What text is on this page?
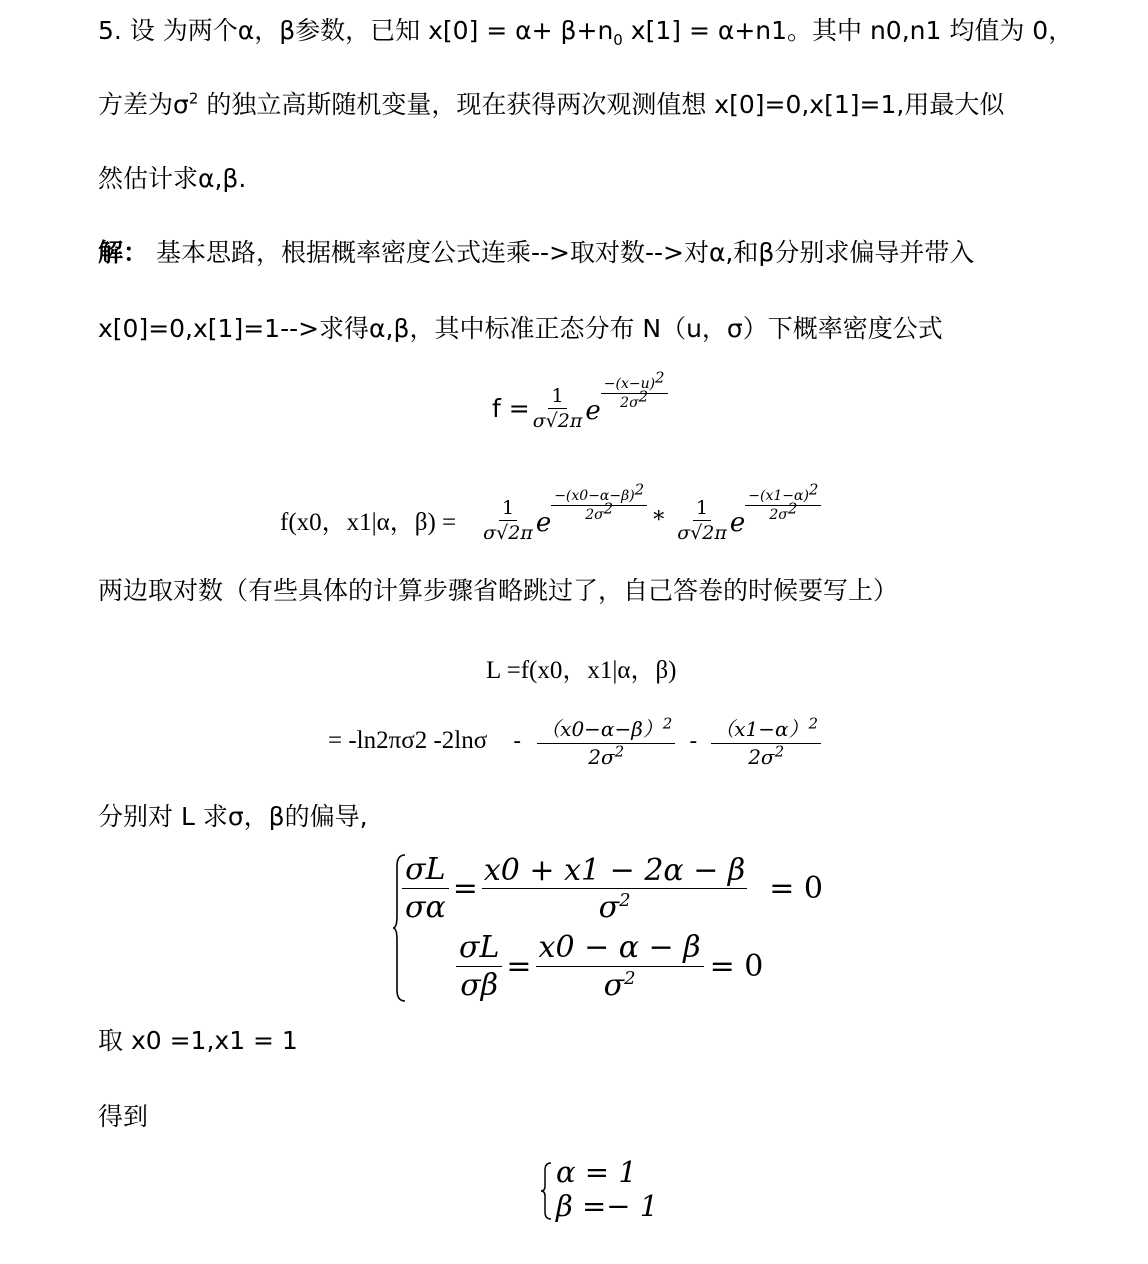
5. 设 为两个α，β参数，已知 $x[0] = \alpha+ \beta+n_0$ x[1] = α+n1。其中 n0,n1 均值为 0，
方差为$\sigma^2$ 的独立高斯随机变量，现在获得两次观测值想 x[0]=0,x[1]=1,用最大似
然估计求α,β.
解： 基本思路，根据概率密度公式连乘-->取对数-->对α,和β分别求偏导并带入
x[0]=0,x[1]=1-->求得α,β，其中标准正态分布 N（u，σ）下概率密度公式
$f = \frac{1}{\sigma√2\pi}$ e
$\frac{-(x-u)^2}{2\sigma^2}$
f(x0，x1|α，$\beta) = \frac{1}{\sigma√2\pi}$ e
$\frac{-(x0-\alpha-\beta)^2}{2\sigma^2} * \frac{1}{\sigma√2\pi}$ e
$\frac{-(x1-\alpha)^2}{2\sigma^2}$
两边取对数（有些具体的计算步骤省略跳过了，自己答卷的时候要写上）
L =f(x0，x1|α，β)
= -ln2πσ2 $-2\ln\sigma - \frac{(x0-\alpha-\beta)^2}{2\sigma^2} - \frac{(x1-\alpha)^2}{2\sigma^2}$
分别对 L 求σ，β的偏导,
$\frac{\sigma L}{\sigma\alpha} = \frac{x0 + x1 - 2\alpha - \beta}{\sigma^2} = 0$
$\frac{\sigma L}{\sigma\beta} = \frac{x0 - \alpha - \beta}{\sigma^2} = 0$
取 x0 =1,x1 = 1
得到
α = 1
β =− 1
